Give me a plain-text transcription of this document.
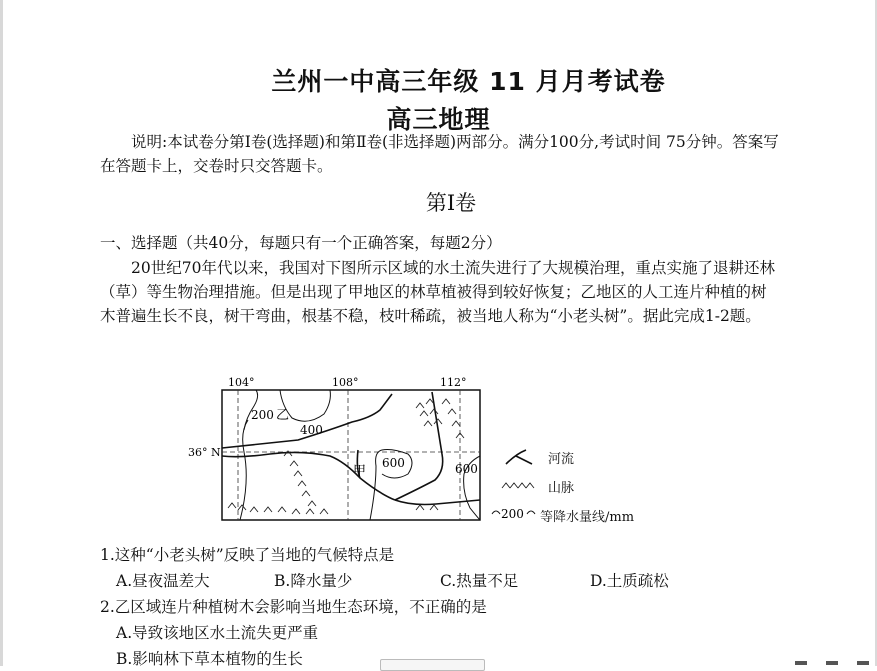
兰州一中高三年级 11 月月考试卷
高三地理
说明:本试卷分第Ⅰ卷(选择题)和第Ⅱ卷(非选择题)两部分。满分100分,考试时间 75分钟。答案写在答题卡上，交卷时只交答题卡。
第Ⅰ卷
一、选择题（共40分，每题只有一个正确答案，每题2分）
20世纪70年代以来，我国对下图所示区域的水土流失进行了大规模治理，重点实施了退耕还林（草）等生物治理措施。但是出现了甲地区的林草植被得到较好恢复；乙地区的人工连片种植的树木普遍生长不良，树干弯曲，根基不稳，枝叶稀疏，被当地人称为“小老头树”。据此完成1-2题。
104°	108°	112°
36° N
200 乙
400
甲
600	600
200
河流
山脉
等降水量线/mm
1.这种“小老头树”反映了当地的气候特点是
A.昼夜温差大	B.降水量少	C.热量不足	D.土质疏松
2.乙区域连片种植树木会影响当地生态环境，不正确的是
A.导致该地区水土流失更严重
B.影响林下草本植物的生长
